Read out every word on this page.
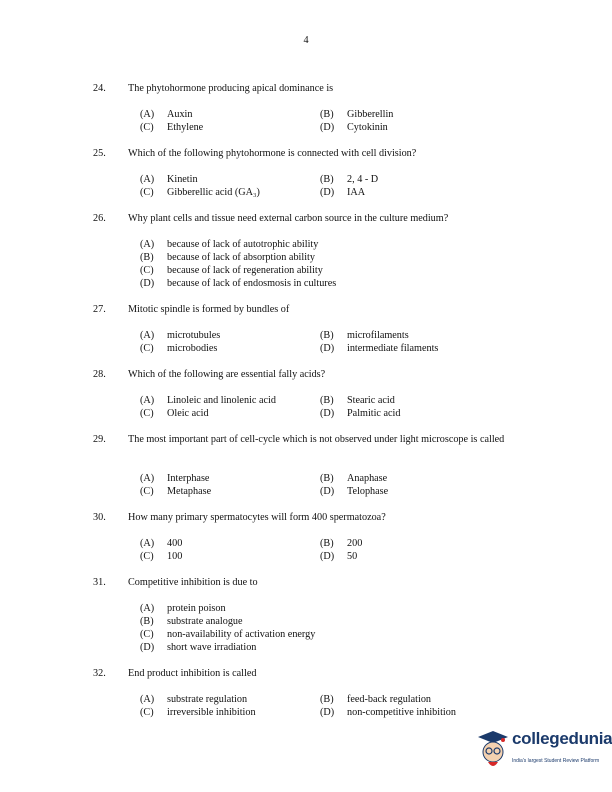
4
24. The phytohormone producing apical dominance is
(A) Auxin	(B) Gibberellin
(C) Ethylene	(D) Cytokinin
25. Which of the following phytohormone is connected with cell division?
(A) Kinetin	(B) 2, 4 - D
(C) Gibberellic acid (GA₃)	(D) IAA
26. Why plant cells and tissue need external carbon source in the culture medium?
(A) because of lack of autotrophic ability
(B) because of lack of absorption ability
(C) because of lack of regeneration ability
(D) because of lack of endosmosis in cultures
27. Mitotic spindle is formed by bundles of
(A) microtubules	(B) microfilaments
(C) microbodies	(D) intermediate filaments
28. Which of the following are essential fally acids?
(A) Linoleic and linolenic acid	(B) Stearic acid
(C) Oleic acid	(D) Palmitic acid
29. The most important part of cell-cycle which is not observed under light microscope is called
(A) Interphase	(B) Anaphase
(C) Metaphase	(D) Telophase
30. How many primary spermatocytes will form 400 spermatozoa?
(A) 400	(B) 200
(C) 100	(D) 50
31. Competitive inhibition is due to
(A) protein poison
(B) substrate analogue
(C) non-availability of activation energy
(D) short wave irradiation
32. End product inhibition is called
(A) substrate regulation	(B) feed-back regulation
(C) irreversible inhibition	(D) non-competitive inhibition
collegedunia
India's largest Student Review Platform
